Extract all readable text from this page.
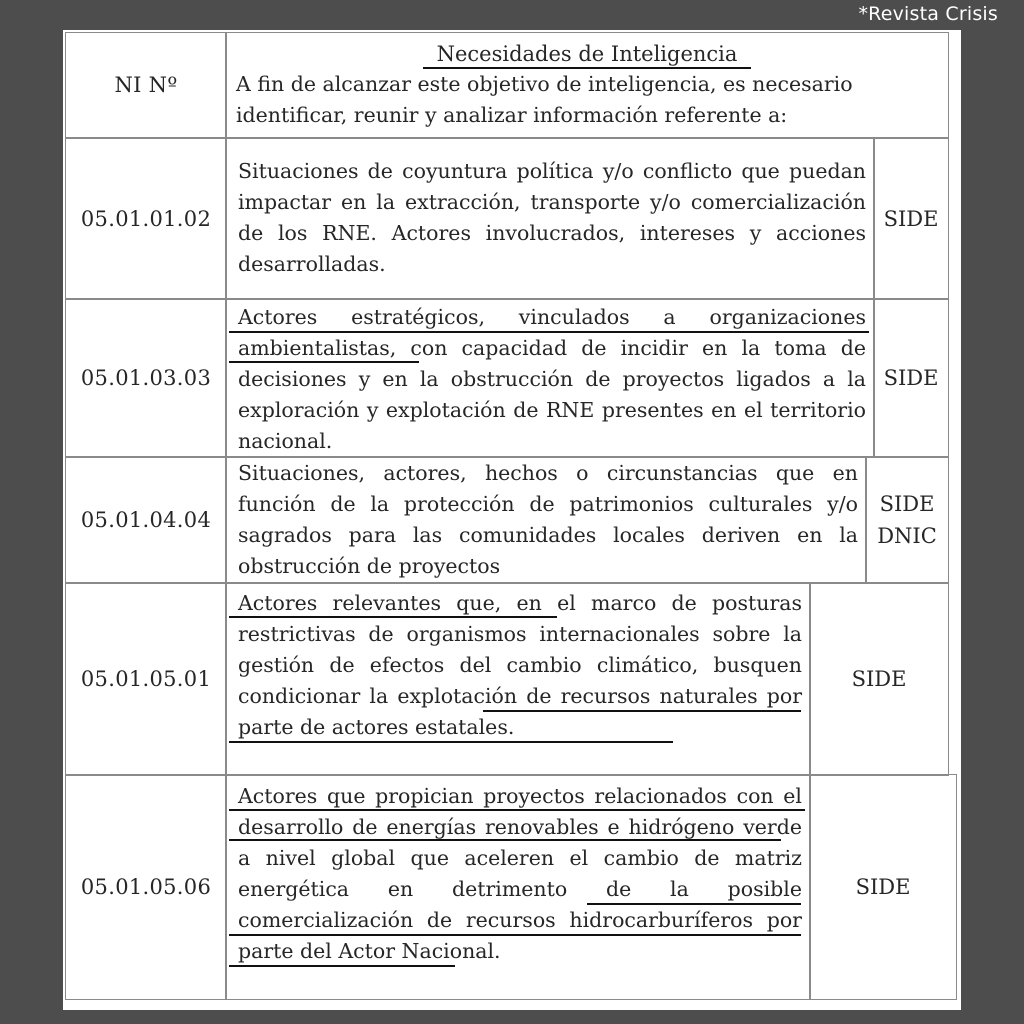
*Revista Crisis
NI Nº
Necesidades de Inteligencia
A fin de alcanzar este objetivo de inteligencia, es necesario identificar, reunir y analizar información referente a:
05.01.01.02
Situaciones de coyuntura política y/o conflicto que puedan impactar en la extracción, transporte y/o comercialización de los RNE. Actores involucrados, intereses y acciones desarrolladas.
SIDE
05.01.03.03
Actores estratégicos, vinculados a organizaciones ambientalistas, con capacidad de incidir en la toma de decisiones y en la obstrucción de proyectos ligados a la exploración y explotación de RNE presentes en el territorio nacional.
SIDE
05.01.04.04
Situaciones, actores, hechos o circunstancias que en función de la protección de patrimonios culturales y/o sagrados para las comunidades locales deriven en la obstrucción de proyectos
SIDE
DNIC
05.01.05.01
Actores relevantes que, en el marco de posturas restrictivas de organismos internacionales sobre la gestión de efectos del cambio climático, busquen condicionar la explotación de recursos naturales por parte de actores estatales.
SIDE
05.01.05.06
Actores que propician proyectos relacionados con el desarrollo de energías renovables e hidrógeno verde a nivel global que aceleren el cambio de matriz energética en detrimento de la posible comercialización de recursos hidrocarburíferos por parte del Actor Nacional.
SIDE
